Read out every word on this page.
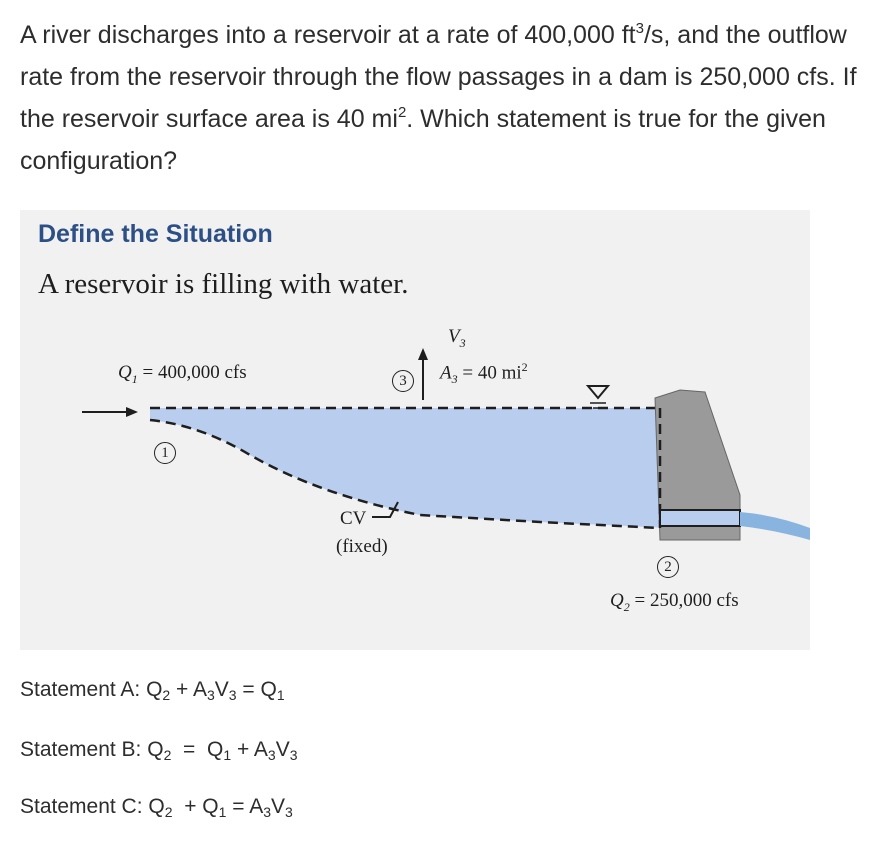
A river discharges into a reservoir at a rate of 400,000 $ft^3/s$, and the outflow rate from the reservoir through the flow passages in a dam is 250,000 cfs. If the reservoir surface area is 40 $mi^2$. Which statement is true for the given configuration?
Define the Situation
A reservoir is filling with water.
$Q_1 = 400,000$ cfs
1
3
$V_3$
$A_3 = 40$ $mi^2$
CV
(fixed)
2
$Q_2 = 250,000$ cfs
Statement A: $Q_2 + A_3V_3 = Q_1$
Statement B: $Q_2 = Q_1 + A_3V_3$
Statement C: $Q_2 + Q_1 = A_3V_3$
